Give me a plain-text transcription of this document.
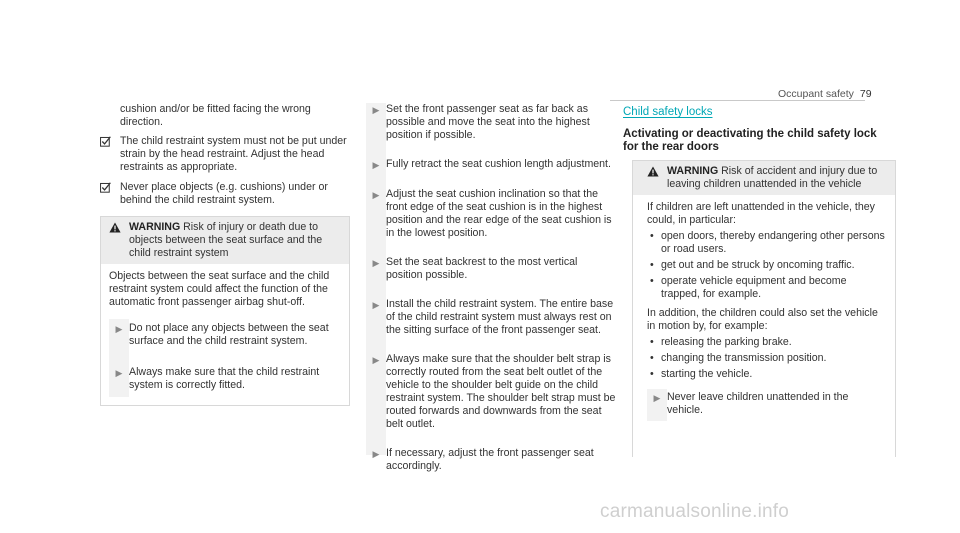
Occupant safety 79
cushion and/or be fitted facing the wrong direction.
The child restraint system must not be put under strain by the head restraint. Adjust the head restraints as appropriate.
Never place objects (e.g. cushions) under or behind the child restraint system.
WARNING Risk of injury or death due to objects between the seat surface and the child restraint system

Objects between the seat surface and the child restraint system could affect the function of the automatic front passenger airbag shut-off.

▶ Do not place any objects between the seat surface and the child restraint system.
▶ Always make sure that the child restraint system is correctly fitted.
▶ Set the front passenger seat as far back as possible and move the seat into the highest position if possible.
▶ Fully retract the seat cushion length adjustment.
▶ Adjust the seat cushion inclination so that the front edge of the seat cushion is in the highest position and the rear edge of the seat cushion is in the lowest position.
▶ Set the seat backrest to the most vertical position possible.
▶ Install the child restraint system. The entire base of the child restraint system must always rest on the sitting surface of the front passenger seat.
▶ Always make sure that the shoulder belt strap is correctly routed from the seat belt outlet of the vehicle to the shoulder belt guide on the child restraint system. The shoulder belt strap must be routed forwards and downwards from the seat belt outlet.
▶ If necessary, adjust the front passenger seat accordingly.
Child safety locks
Activating or deactivating the child safety lock for the rear doors
WARNING Risk of accident and injury due to leaving children unattended in the vehicle

If children are left unattended in the vehicle, they could, in particular:

• open doors, thereby endangering other persons or road users.
• get out and be struck by oncoming traffic.
• operate vehicle equipment and become trapped, for example.

In addition, the children could also set the vehicle in motion by, for example:

• releasing the parking brake.
• changing the transmission position.
• starting the vehicle.
▶ Never leave children unattended in the vehicle.
carmanualsonline.info
